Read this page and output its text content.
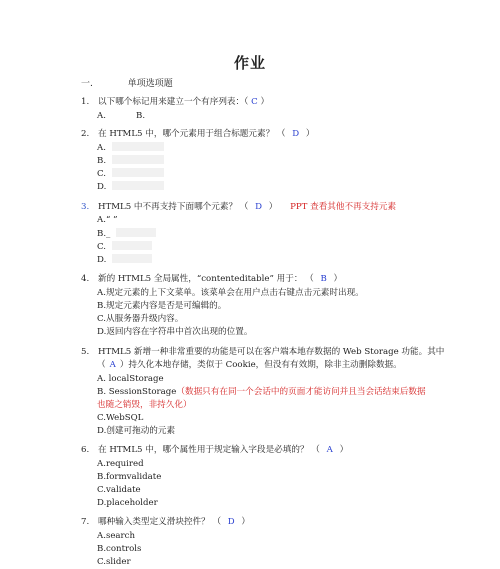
作业
一.	单项选项题
1. 以下哪个标记用来建立一个有序列表：（ C ）
A.	B.
2. 在 HTML5 中，哪个元素用于组合标题元素？ （ D ）
A.
B.
C.
D.
3. HTML5 中不再支持下面哪个元素？ （ D ） PPT 查看其他不再支持元素
A.“ ”
B._
C.
D.
4. 新的 HTML5 全局属性，“contenteditable” 用于： （ B ）
A.规定元素的上下文菜单。该菜单会在用户点击右键点击元素时出现。
B.规定元素内容是否是可编辑的。
C.从服务器升级内容。
D.返回内容在字符串中首次出现的位置。
5. HTML5 新增一种非常重要的功能是可以在客户端本地存数据的 Web Storage 功能。其中
（ A ）持久化本地存储，类似于 Cookie，但没有有效期，除非主动删除数据。
A. localStorage
B. SessionStorage（数据只有在同一个会话中的页面才能访问并且当会话结束后数据
也随之销毁，非持久化）
C.WebSQL
D.创建可拖动的元素
6. 在 HTML5 中，哪个属性用于规定输入字段是必填的？ （ A ）
A.required
B.formvalidate
C.validate
D.placeholder
7. 哪种输入类型定义滑块控件？ （ D ）
A.search
B.controls
C.slider
